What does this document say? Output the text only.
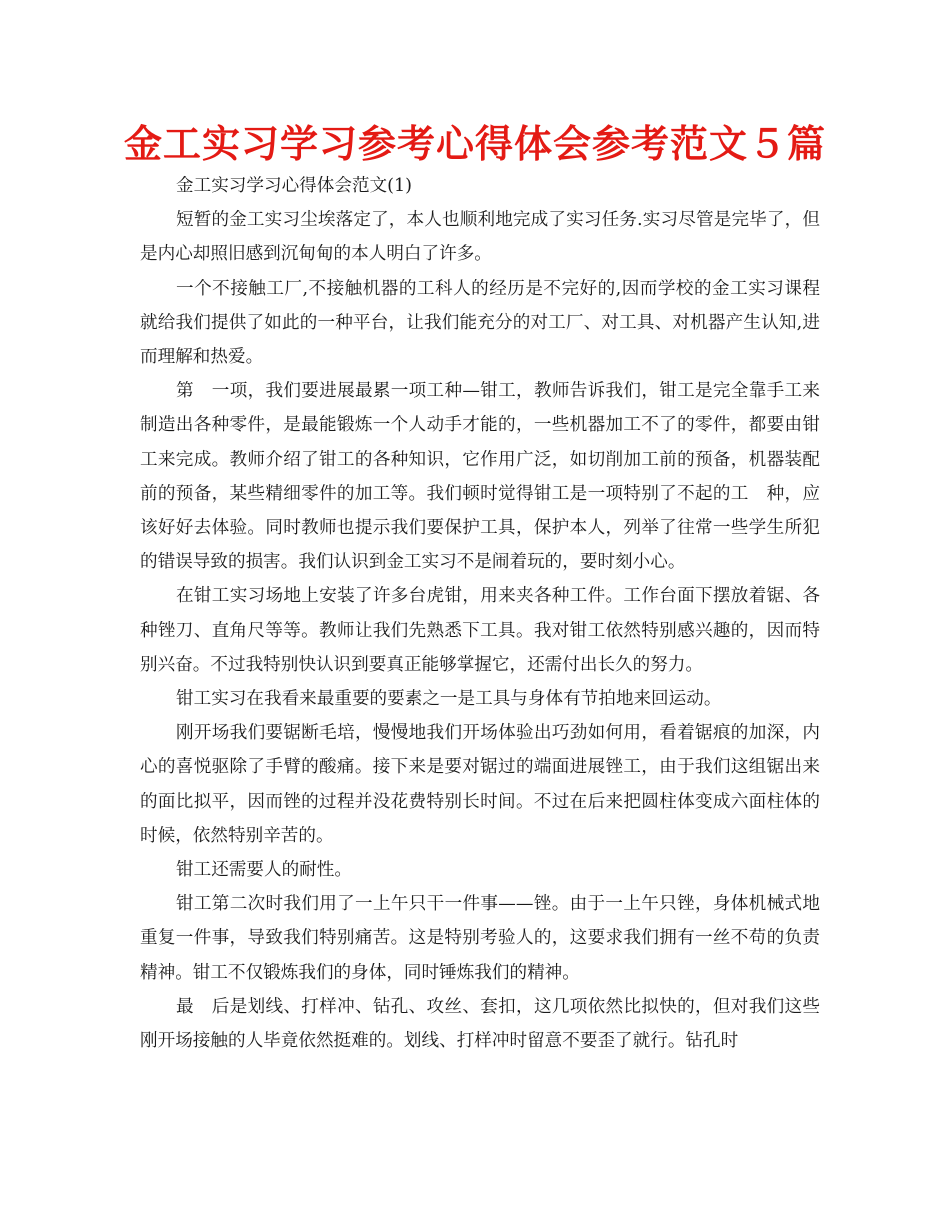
金工实习学习参考心得体会参考范文５篇

金工实习学习心得体会范文(1)

短暂的金工实习尘埃落定了，本人也顺利地完成了实习任务.实习尽管是完毕了，但是内心却照旧感到沉甸甸的本人明白了许多。

一个不接触工厂,不接触机器的工科人的经历是不完好的,因而学校的金工实习课程就给我们提供了如此的一种平台，让我们能充分的对工厂、对工具、对机器产生认知,进而理解和热爱。

第　一项，我们要进展最累一项工种—钳工，教师告诉我们，钳工是完全靠手工来制造出各种零件，是最能锻炼一个人动手才能的，一些机器加工不了的零件，都要由钳　工来完成。教师介绍了钳工的各种知识，它作用广泛，如切削加工前的预备，机器装配前的预备，某些精细零件的加工等。我们顿时觉得钳工是一项特别了不起的工　种，应该好好去体验。同时教师也提示我们要保护工具，保护本人，列举了往常一些学生所犯的错误导致的损害。我们认识到金工实习不是闹着玩的，要时刻小心。

在钳工实习场地上安装了许多台虎钳，用来夹各种工件。工作台面下摆放着锯、各种锉刀、直角尺等等。教师让我们先熟悉下工具。我对钳工依然特别感兴趣的，因而特别兴奋。不过我特别快认识到要真正能够掌握它，还需付出长久的努力。

钳工实习在我看来最重要的要素之一是工具与身体有节拍地来回运动。

刚开场我们要锯断毛培，慢慢地我们开场体验出巧劲如何用，看着锯痕的加深，内心的喜悦驱除了手臂的酸痛。接下来是要对锯过的端面进展锉工，由于我们这组锯出来的面比拟平，因而锉的过程并没花费特别长时间。不过在后来把圆柱体变成六面柱体的时候，依然特别辛苦的。

钳工还需要人的耐性。

钳工第二次时我们用了一上午只干一件事——锉。由于一上午只锉，身体机械式地重复一件事，导致我们特别痛苦。这是特别考验人的，这要求我们拥有一丝不苟的负责精神。钳工不仅锻炼我们的身体，同时锤炼我们的精神。

最　后是划线、打样冲、钻孔、攻丝、套扣，这几项依然比拟快的，但对我们这些刚开场接触的人毕竟依然挺难的。划线、打样冲时留意不要歪了就行。钻孔时
